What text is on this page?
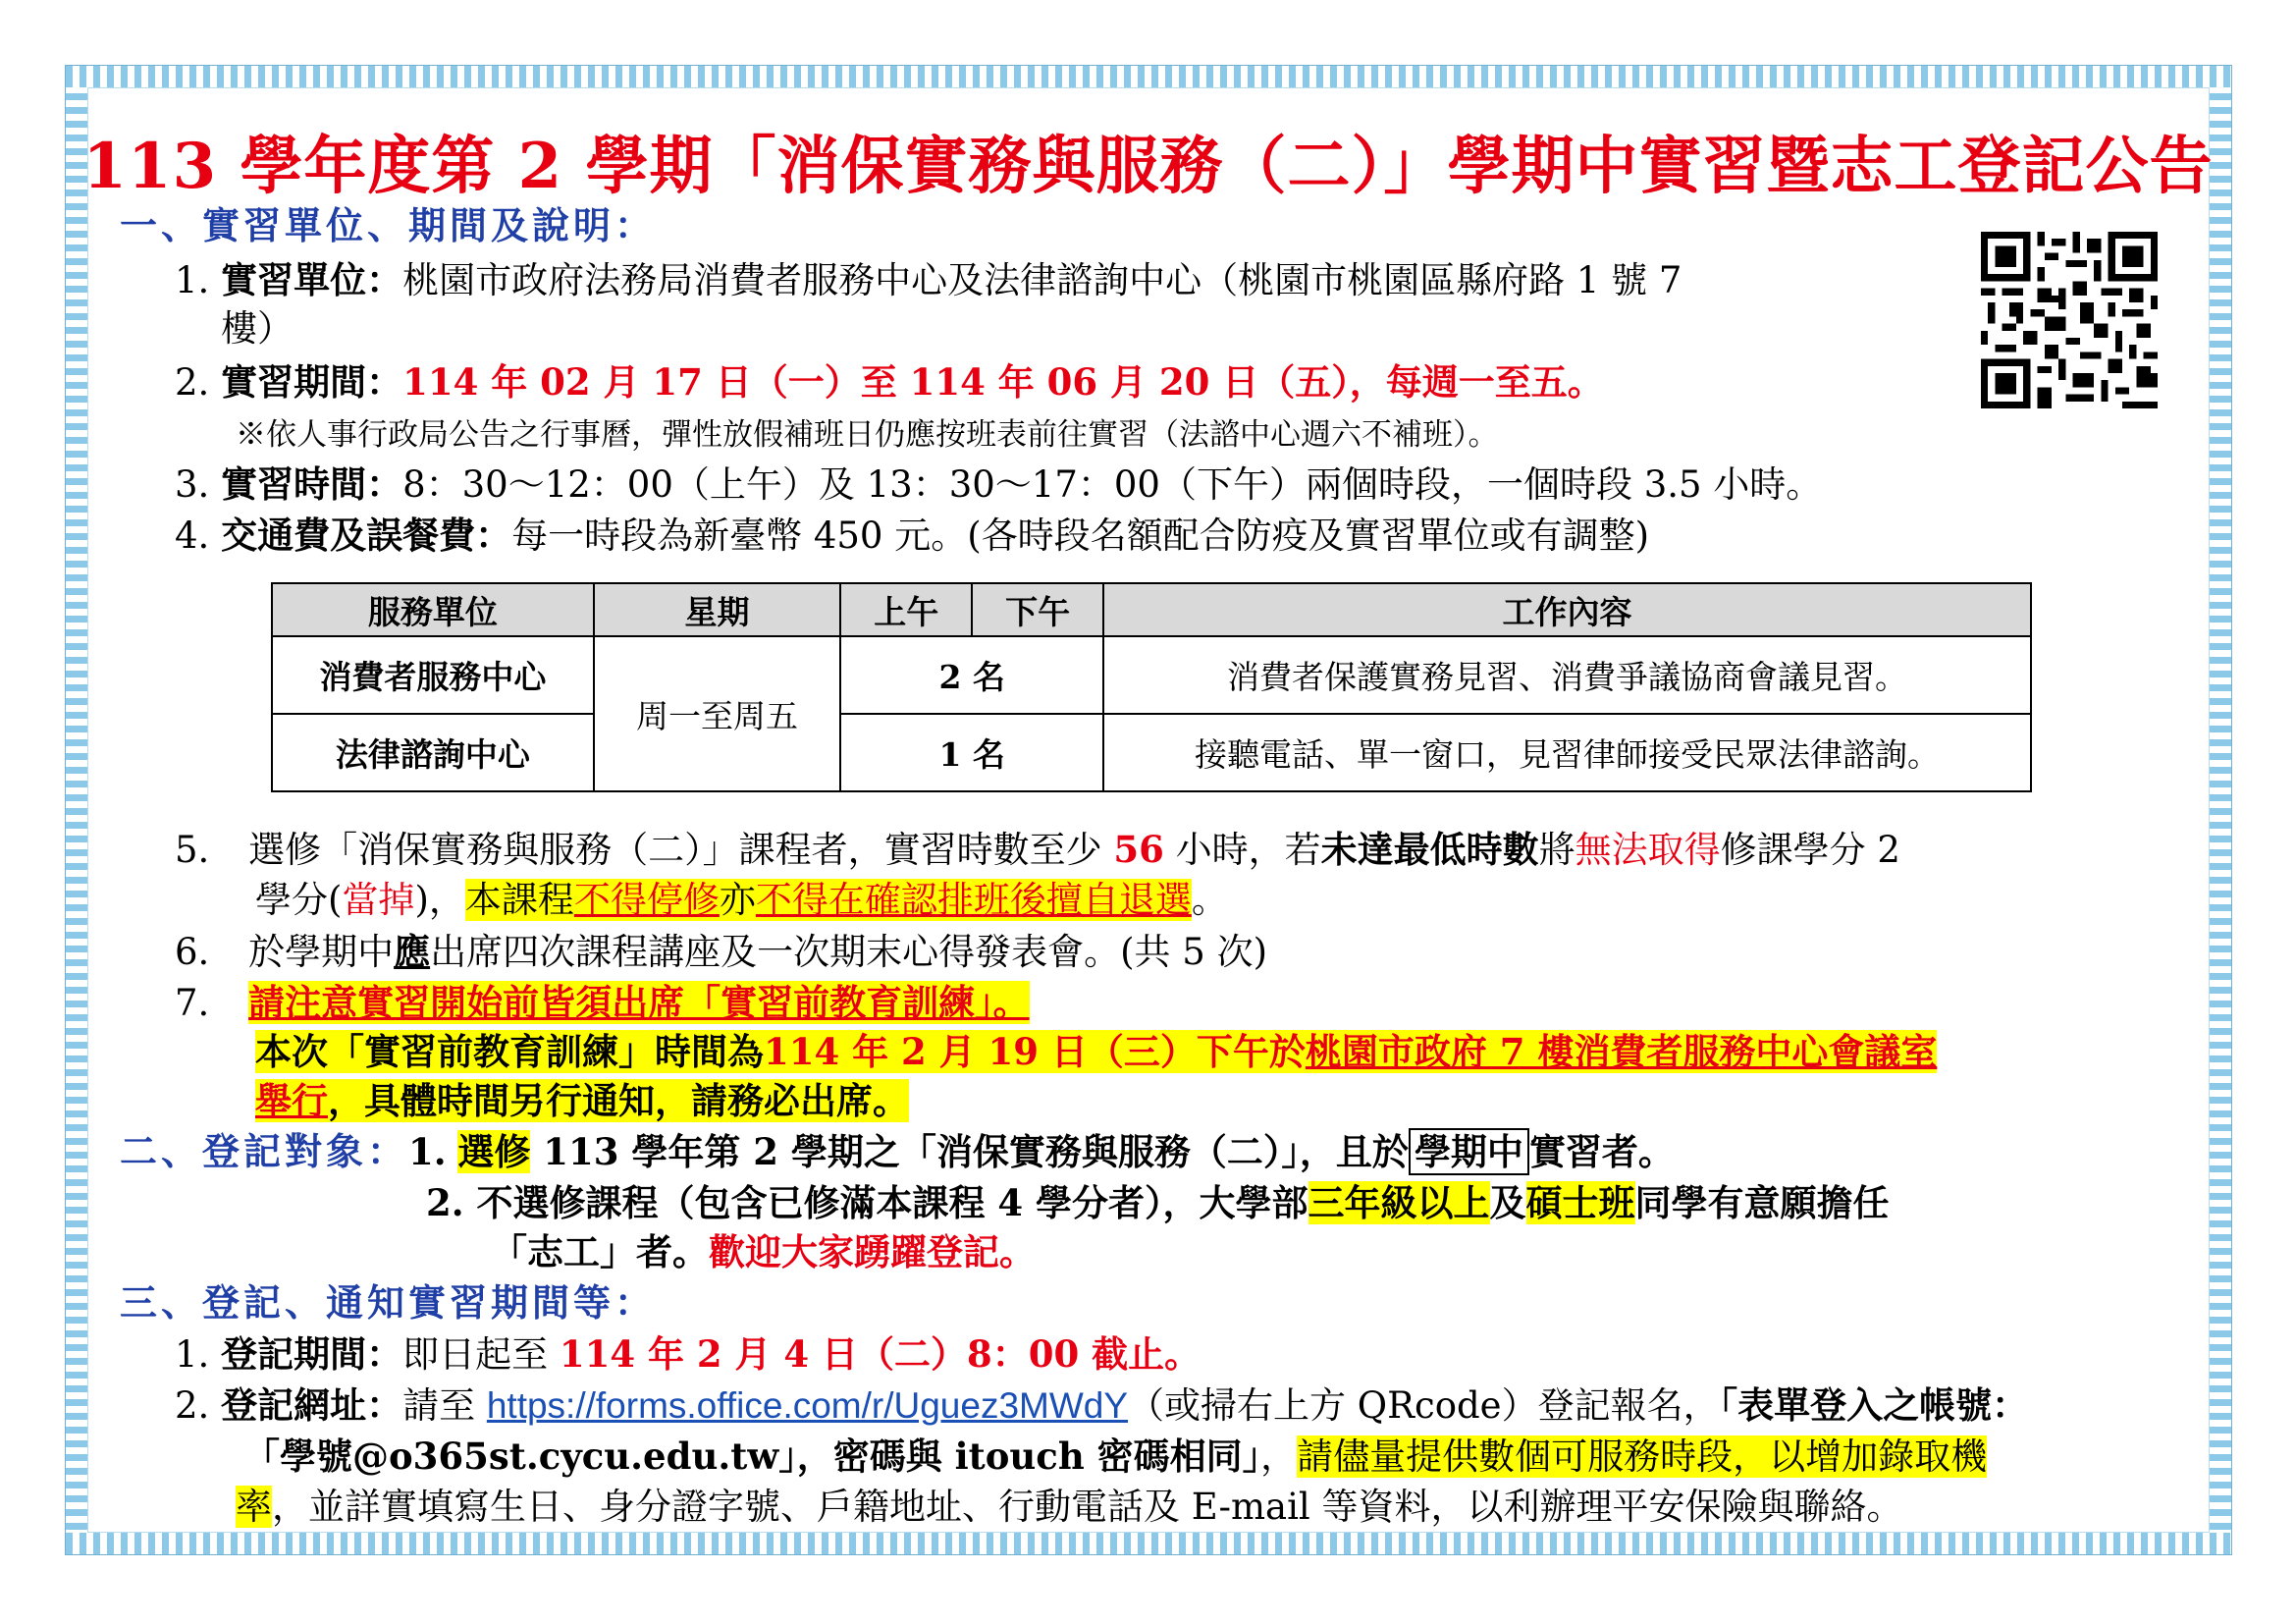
113 學年度第 2 學期「消保實務與服務（二）」學期中實習暨志工登記公告
一、實習單位、期間及說明：
1. 實習單位：桃園市政府法務局消費者服務中心及法律諮詢中心（桃園市桃園區縣府路 1 號 7
樓）
2. 實習期間：114 年 02 月 17 日（一）至 114 年 06 月 20 日（五），每週一至五。
※依人事行政局公告之行事曆，彈性放假補班日仍應按班表前往實習（法諮中心週六不補班）。
3. 實習時間：8：30～12：00（上午）及 13：30～17：00（下午）兩個時段，一個時段 3.5 小時。
4. 交通費及誤餐費：每一時段為新臺幣 450 元。(各時段名額配合防疫及實習單位或有調整)
服務單位	星期	上午	下午	工作內容
消費者服務中心	周一至周五	2 名		消費者保護實務見習、消費爭議協商會議見習。
法律諮詢中心		1 名		接聽電話、單一窗口，見習律師接受民眾法律諮詢。
5. 選修「消保實務與服務（二）」課程者，實習時數至少 56 小時，若未達最低時數將無法取得修課學分 2
學分(當掉)，本課程不得停修亦不得在確認排班後擅自退選。
6. 於學期中應出席四次課程講座及一次期末心得發表會。(共 5 次)
7. 請注意實習開始前皆須出席「實習前教育訓練」。
本次「實習前教育訓練」時間為114 年 2 月 19 日（三）下午於桃園市政府 7 樓消費者服務中心會議室
舉行，具體時間另行通知，請務必出席。
二、登記對象：1. 選修 113 學年第 2 學期之「消保實務與服務（二）」，且於 學期中 實習者。
2. 不選修課程（包含已修滿本課程 4 學分者），大學部三年級以上及碩士班同學有意願擔任
「志工」者。歡迎大家踴躍登記。
三、登記、通知實習期間等：
1. 登記期間：即日起至 114 年 2 月 4 日（二）8：00 截止。
2. 登記網址：請至 https://forms.office.com/r/Uguez3MWdY（或掃右上方 QRcode）登記報名，「表單登入之帳號：
「學號@o365st.cycu.edu.tw」，密碼與 itouch 密碼相同」，請儘量提供數個可服務時段，以增加錄取機
率，並詳實填寫生日、身分證字號、戶籍地址、行動電話及 E-mail 等資料，以利辦理平安保險與聯絡。
